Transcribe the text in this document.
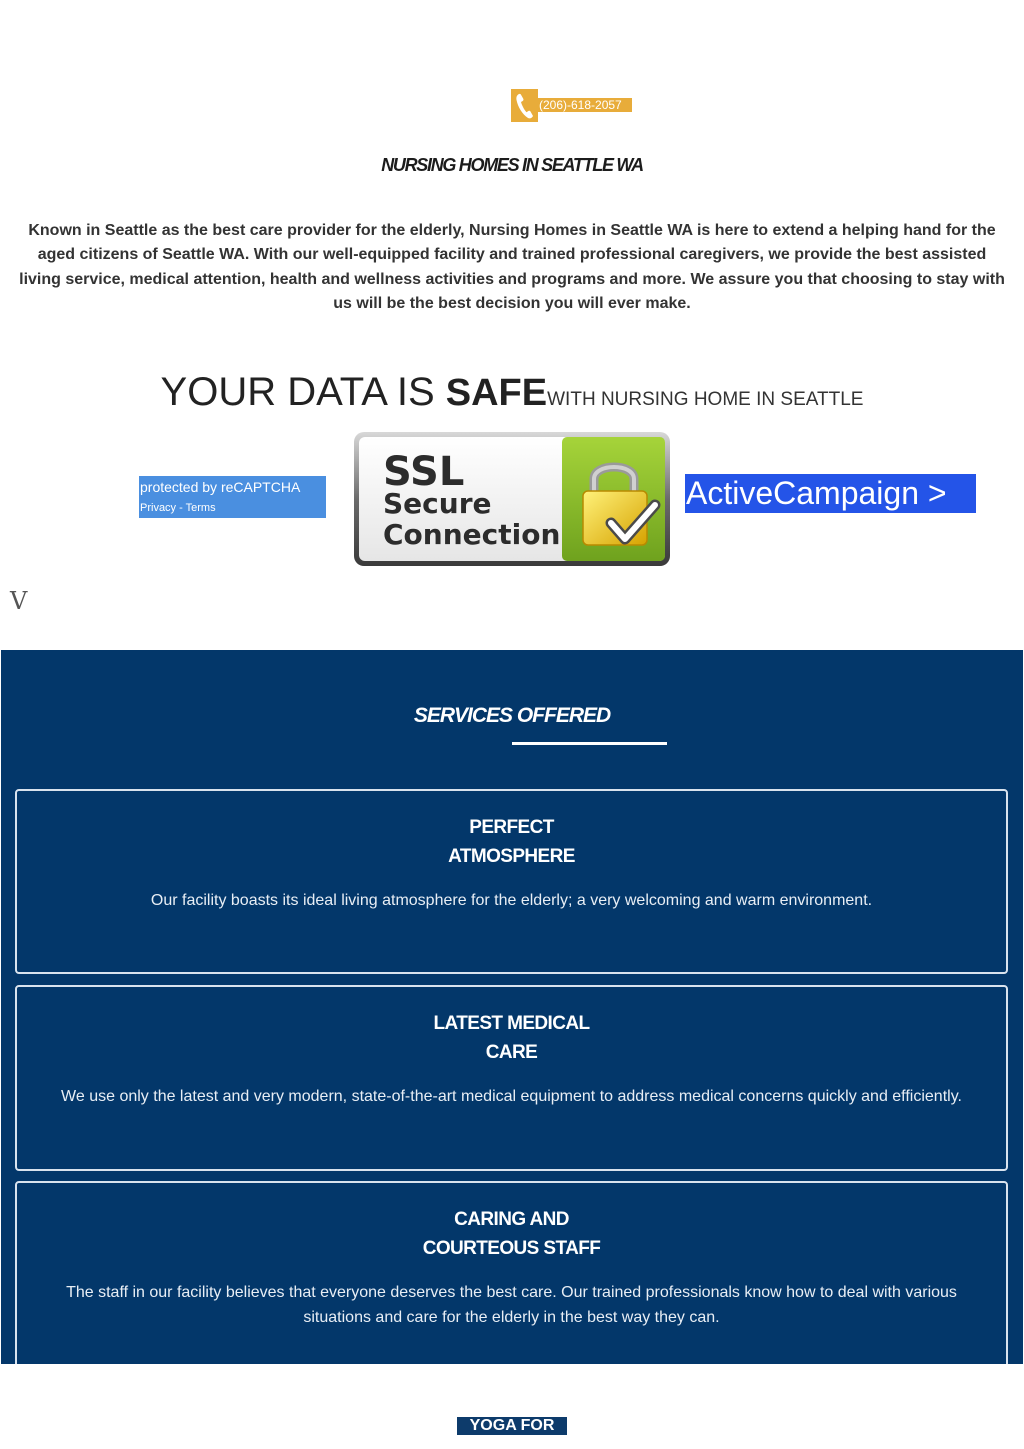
(206)-618-2057
NURSING HOMES IN SEATTLE WA

Known in Seattle as the best care provider for the elderly, Nursing Homes in Seattle WA is here to extend a helping hand for the aged citizens of Seattle WA. With our well-equipped facility and trained professional caregivers, we provide the best assisted living service, medical attention, health and wellness activities and programs and more. We assure you that choosing to stay with us will be the best decision you will ever make.

YOUR DATA IS SAFEWITH NURSING HOME IN SEATTLE
protected by reCAPTCHA
Privacy - Terms
SSL
Secure
Connection
ActiveCampaign >
V
SERVICES OFFERED
PERFECT
ATMOSPHERE

Our facility boasts its ideal living atmosphere for the elderly; a very welcoming and warm environment.

LATEST MEDICAL
CARE

We use only the latest and very modern, state-of-the-art medical equipment to address medical concerns quickly and efficiently.

CARING AND
COURTEOUS STAFF

The staff in our facility believes that everyone deserves the best care. Our trained professionals know how to deal with various situations and care for the elderly in the best way they can.

YOGA FOR
